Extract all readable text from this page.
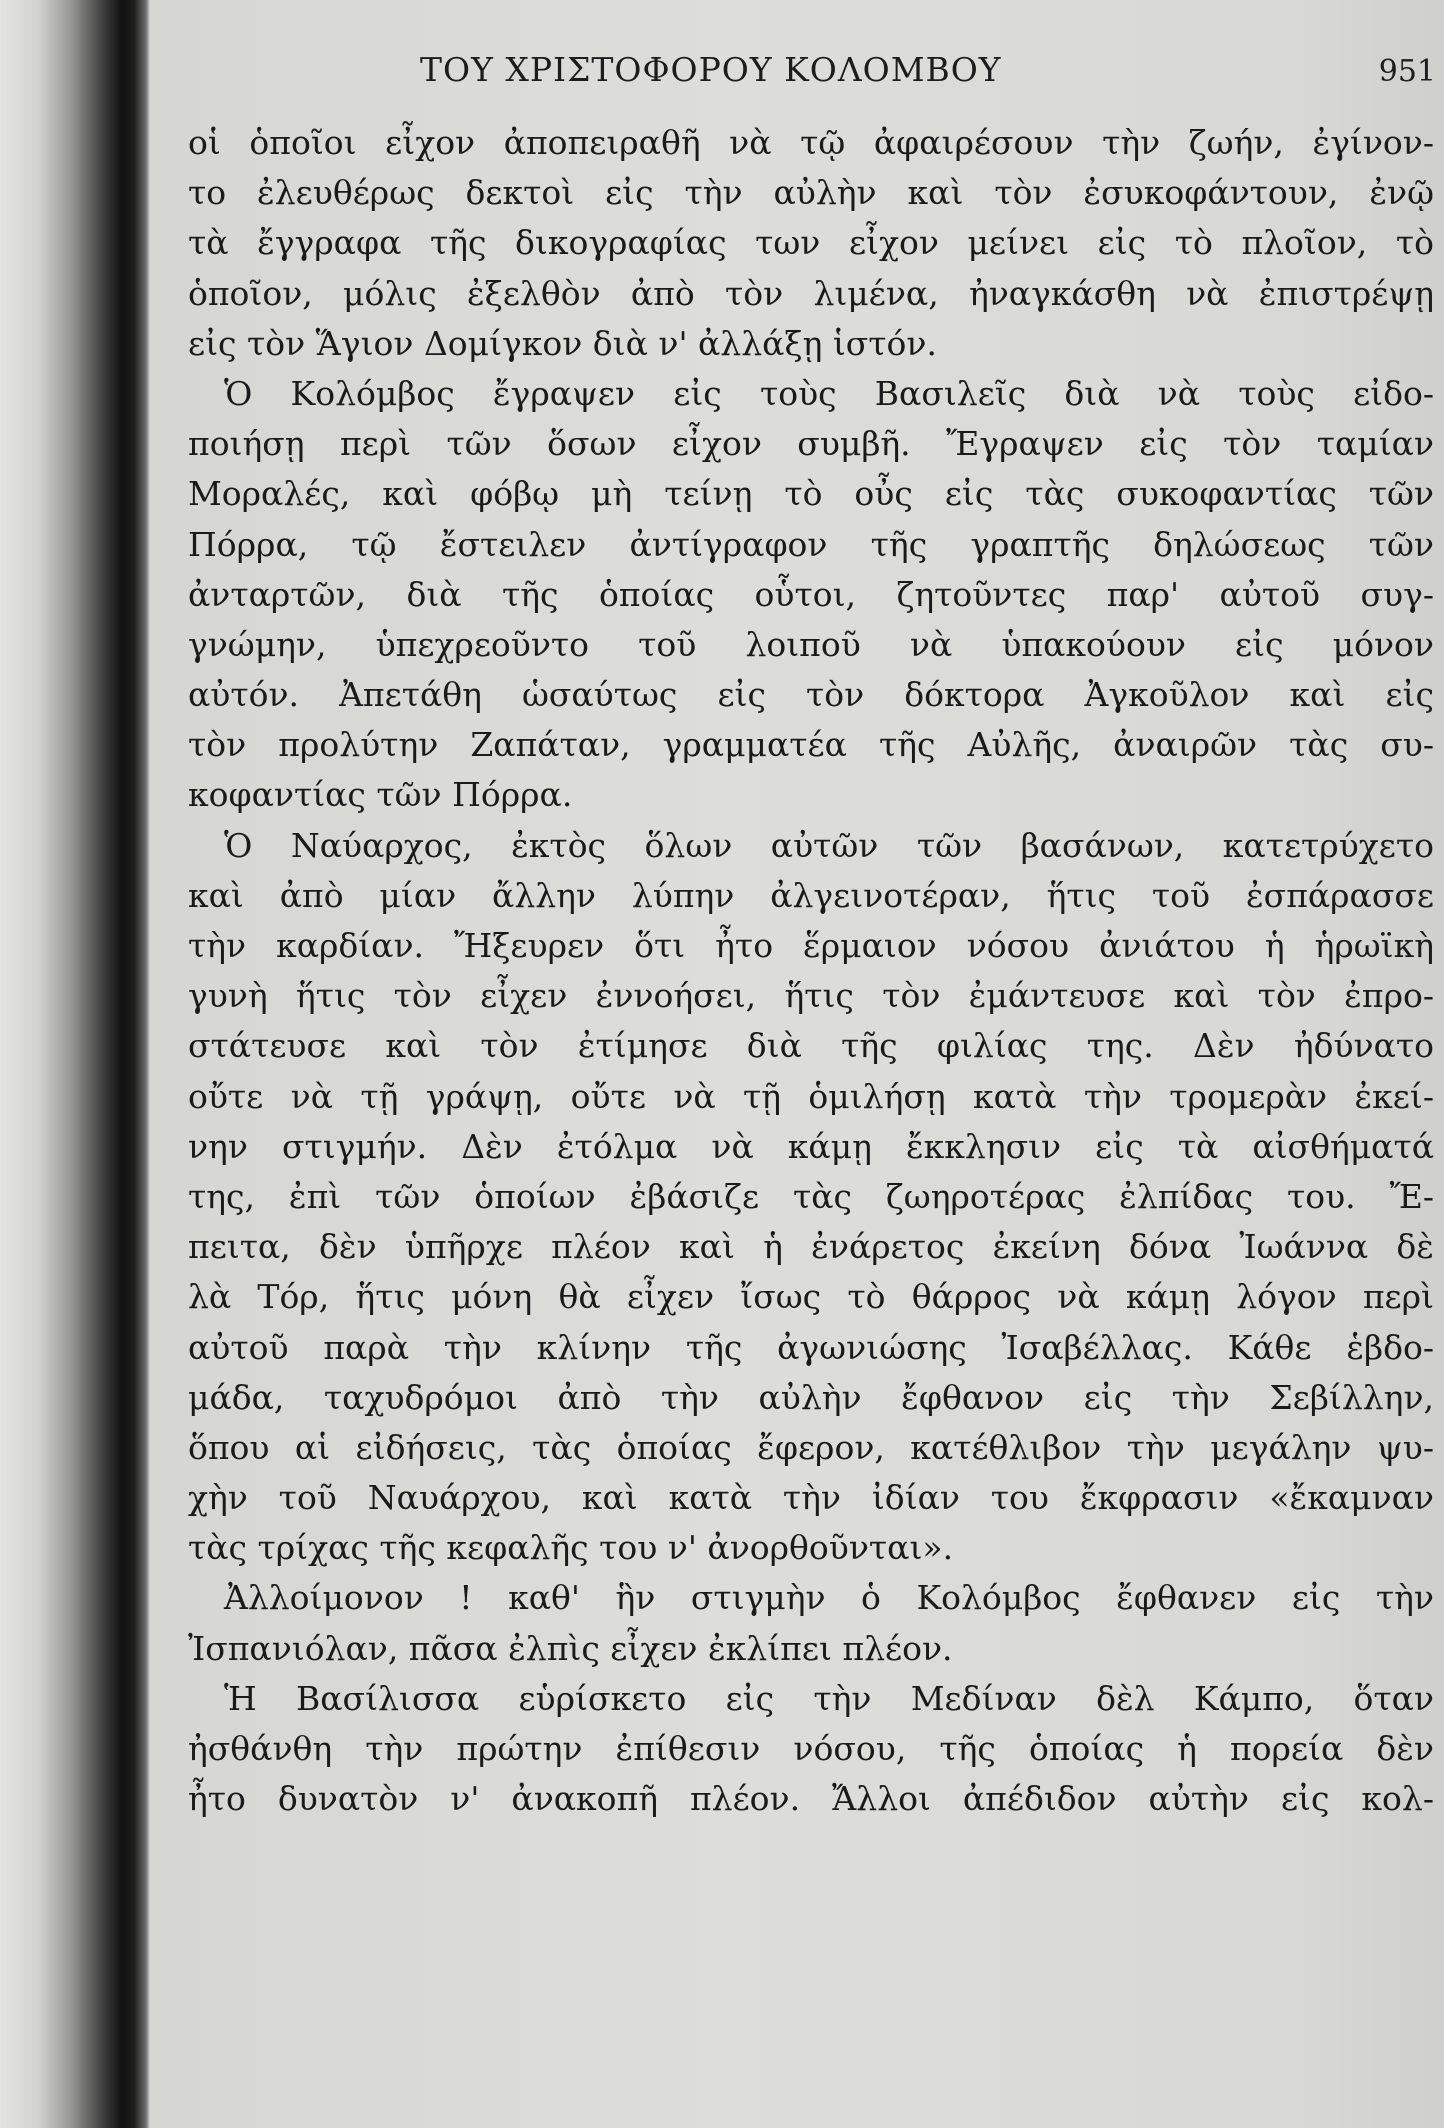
ΤΟΥ ΧΡΙΣΤΟΦΟΡΟΥ ΚΟΛΟΜΒΟΥ	951
οἱ ὁποῖοι εἶχον ἀποπειραθῆ νὰ τῷ ἀφαιρέσουν τὴν ζωήν, ἐγίνον-
το ἐλευθέρως δεκτοὶ εἰς τὴν αὐλὴν καὶ τὸν ἐσυκοφάντουν, ἐνῷ
τὰ ἔγγραφα τῆς δικογραφίας των εἶχον μείνει εἰς τὸ πλοῖον, τὸ
ὁποῖον, μόλις ἐξελθὸν ἀπὸ τὸν λιμένα, ἠναγκάσθη νὰ ἐπιστρέψῃ
εἰς τὸν Ἅγιον Δομίγκον διὰ ν' ἀλλάξῃ ἱστόν.
Ὁ Κολόμβος ἔγραψεν εἰς τοὺς Βασιλεῖς διὰ νὰ τοὺς εἰδο-
ποιήσῃ περὶ τῶν ὅσων εἶχον συμβῆ. Ἔγραψεν εἰς τὸν ταμίαν
Μοραλές, καὶ φόβῳ μὴ τείνῃ τὸ οὖς εἰς τὰς συκοφαντίας τῶν
Πόρρα, τῷ ἔστειλεν ἀντίγραφον τῆς γραπτῆς δηλώσεως τῶν
ἀνταρτῶν, διὰ τῆς ὁποίας οὗτοι, ζητοῦντες παρ' αὐτοῦ συγ-
γνώμην, ὑπεχρεοῦντο τοῦ λοιποῦ νὰ ὑπακούουν εἰς μόνον
αὐτόν. Ἀπετάθη ὡσαύτως εἰς τὸν δόκτορα Ἀγκοῦλον καὶ εἰς
τὸν προλύτην Ζαπάταν, γραμματέα τῆς Αὐλῆς, ἀναιρῶν τὰς συ-
κοφαντίας τῶν Πόρρα.
Ὁ Ναύαρχος, ἐκτὸς ὅλων αὐτῶν τῶν βασάνων, κατετρύχετο
καὶ ἀπὸ μίαν ἄλλην λύπην ἀλγεινοτέραν, ἥτις τοῦ ἐσπάρασσε
τὴν καρδίαν. Ἤξευρεν ὅτι ἦτο ἕρμαιον νόσου ἀνιάτου ἡ ἡρωϊκὴ
γυνὴ ἥτις τὸν εἶχεν ἐννοήσει, ἥτις τὸν ἐμάντευσε καὶ τὸν ἐπρο-
στάτευσε καὶ τὸν ἐτίμησε διὰ τῆς φιλίας της. Δὲν ἠδύνατο
οὔτε νὰ τῇ γράψῃ, οὔτε νὰ τῇ ὁμιλήσῃ κατὰ τὴν τρομερὰν ἐκεί-
νην στιγμήν. Δὲν ἐτόλμα νὰ κάμῃ ἔκκλησιν εἰς τὰ αἰσθήματά
της, ἐπὶ τῶν ὁποίων ἐβάσιζε τὰς ζωηροτέρας ἐλπίδας του. Ἔ-
πειτα, δὲν ὑπῆρχε πλέον καὶ ἡ ἐνάρετος ἐκείνη δόνα Ἰωάννα δὲ
λὰ Τόρ, ἥτις μόνη θὰ εἶχεν ἴσως τὸ θάρρος νὰ κάμῃ λόγον περὶ
αὐτοῦ παρὰ τὴν κλίνην τῆς ἀγωνιώσης Ἰσαβέλλας. Κάθε ἑβδο-
μάδα, ταχυδρόμοι ἀπὸ τὴν αὐλὴν ἔφθανον εἰς τὴν Σεβίλλην,
ὅπου αἱ εἰδήσεις, τὰς ὁποίας ἔφερον, κατέθλιβον τὴν μεγάλην ψυ-
χὴν τοῦ Ναυάρχου, καὶ κατὰ τὴν ἰδίαν του ἔκφρασιν «ἔκαμναν
τὰς τρίχας τῆς κεφαλῆς του ν' ἀνορθοῦνται».
Ἀλλοίμονον ! καθ' ἣν στιγμὴν ὁ Κολόμβος ἔφθανεν εἰς τὴν
Ἰσπανιόλαν, πᾶσα ἐλπὶς εἶχεν ἐκλίπει πλέον.
Ἡ Βασίλισσα εὑρίσκετο εἰς τὴν Μεδίναν δὲλ Κάμπο, ὅταν
ἠσθάνθη τὴν πρώτην ἐπίθεσιν νόσου, τῆς ὁποίας ἡ πορεία δὲν
ἦτο δυνατὸν ν' ἀνακοπῆ πλέον. Ἄλλοι ἀπέδιδον αὐτὴν εἰς κολ-
